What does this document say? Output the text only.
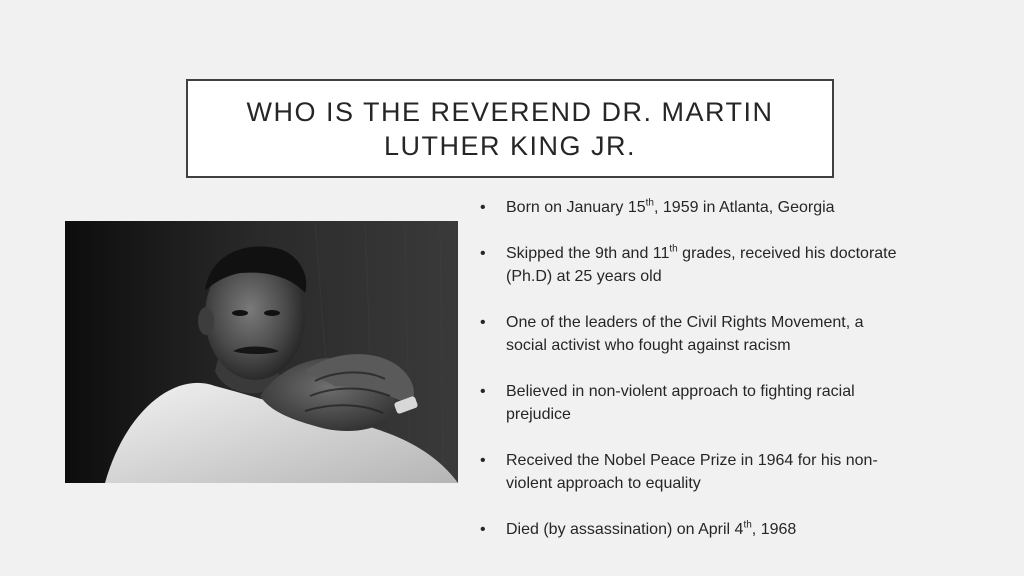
WHO IS THE REVEREND DR. MARTIN
LUTHER KING JR.
• Born on January 15th, 1959 in Atlanta, Georgia
• Skipped the 9th and 11th grades, received his doctorate (Ph.D) at 25 years old
• One of the leaders of the Civil Rights Movement, a social activist who fought against racism
• Believed in non-violent approach to fighting racial prejudice
• Received the Nobel Peace Prize in 1964 for his non-violent approach to equality
• Died (by assassination) on April 4th, 1968
